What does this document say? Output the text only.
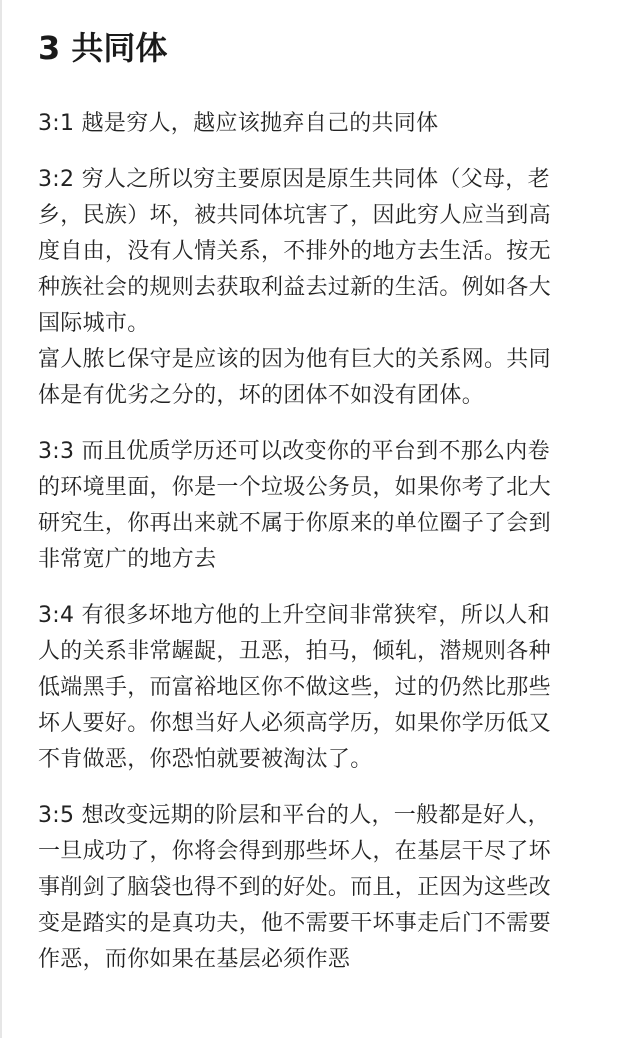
3 共同体

3:1 越是穷人，越应该抛弃自己的共同体

3:2 穷人之所以穷主要原因是原生共同体（父母，老
乡，民族）坏，被共同体坑害了，因此穷人应当到高
度自由，没有人情关系，不排外的地方去生活。按无
种族社会的规则去获取利益去过新的生活。例如各大
国际城市。
富人脓匕保守是应该的因为他有巨大的关系网。共同
体是有优劣之分的，坏的团体不如没有团体。

3:3 而且优质学历还可以改变你的平台到不那么内卷
的环境里面，你是一个垃圾公务员，如果你考了北大
研究生，你再出来就不属于你原来的单位圈子了会到
非常宽广的地方去

3:4 有很多坏地方他的上升空间非常狭窄，所以人和
人的关系非常龌龊，丑恶，拍马，倾轧，潜规则各种
低端黑手，而富裕地区你不做这些，过的仍然比那些
坏人要好。你想当好人必须高学历，如果你学历低又
不肯做恶，你恐怕就要被淘汰了。

3:5 想改变远期的阶层和平台的人，一般都是好人，
一旦成功了，你将会得到那些坏人，在基层干尽了坏
事削剑了脑袋也得不到的好处。而且，正因为这些改
变是踏实的是真功夫，他不需要干坏事走后门不需要
作恶，而你如果在基层必须作恶
